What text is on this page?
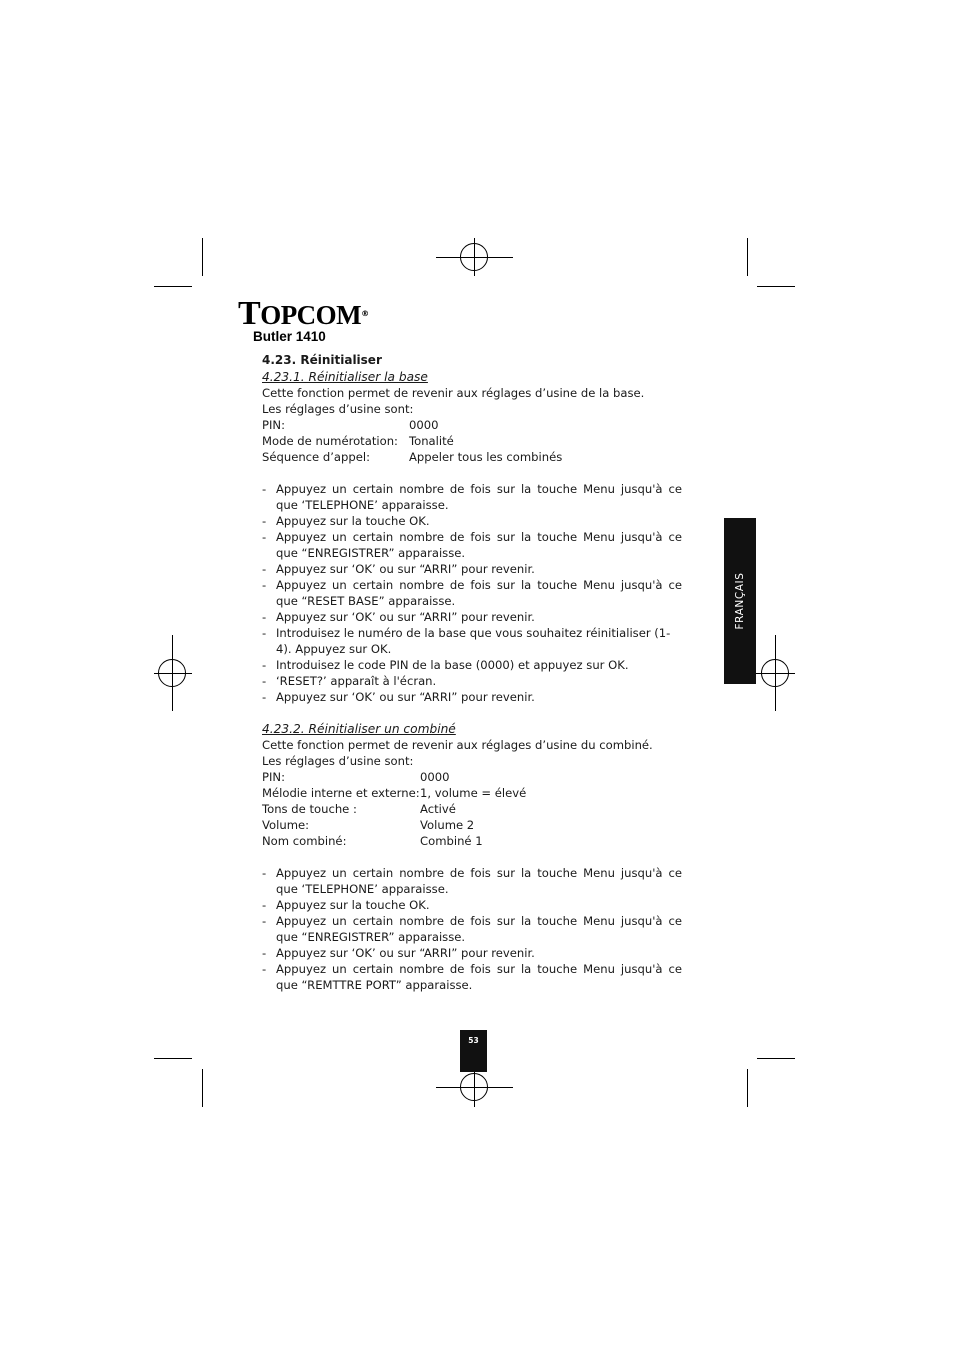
TOPCOM®
Butler 1410
4.23. Réinitialiser
4.23.1. Réinitialiser la base
Cette fonction permet de revenir aux réglages d’usine de la base.
Les réglages d’usine sont:
PIN:	0000
Mode de numérotation: Tonalité
Séquence d’appel:	Appeler tous les combinés
- Appuyez un certain nombre de fois sur la touche Menu jusqu'à ce que ‘TELEPHONE’ apparaisse.
- Appuyez sur la touche OK.
- Appuyez un certain nombre de fois sur la touche Menu jusqu'à ce que “ENREGISTRER” apparaisse.
- Appuyez sur ‘OK’ ou sur “ARRI” pour revenir.
- Appuyez un certain nombre de fois sur la touche Menu jusqu'à ce que “RESET BASE” apparaisse.
- Appuyez sur ‘OK’ ou sur “ARRI” pour revenir.
- Introduisez le numéro de la base que vous souhaitez réinitialiser (1-4). Appuyez sur OK.
- Introduisez le code PIN de la base (0000) et appuyez sur OK.
- ‘RESET?’ apparaît à l'écran.
- Appuyez sur ‘OK’ ou sur “ARRI” pour revenir.
4.23.2. Réinitialiser un combiné
Cette fonction permet de revenir aux réglages d’usine du combiné.
Les réglages d’usine sont:
PIN:	0000
Mélodie interne et externe: 1, volume = élevé
Tons de touche :	Activé
Volume:	Volume 2
Nom combiné:	Combiné 1
- Appuyez un certain nombre de fois sur la touche Menu jusqu'à ce que ‘TELEPHONE’ apparaisse.
- Appuyez sur la touche OK.
- Appuyez un certain nombre de fois sur la touche Menu jusqu'à ce que “ENREGISTRER” apparaisse.
- Appuyez sur ‘OK’ ou sur “ARRI” pour revenir.
- Appuyez un certain nombre de fois sur la touche Menu jusqu'à ce que “REMTTRE PORT” apparaisse.
FRANÇAIS
53
